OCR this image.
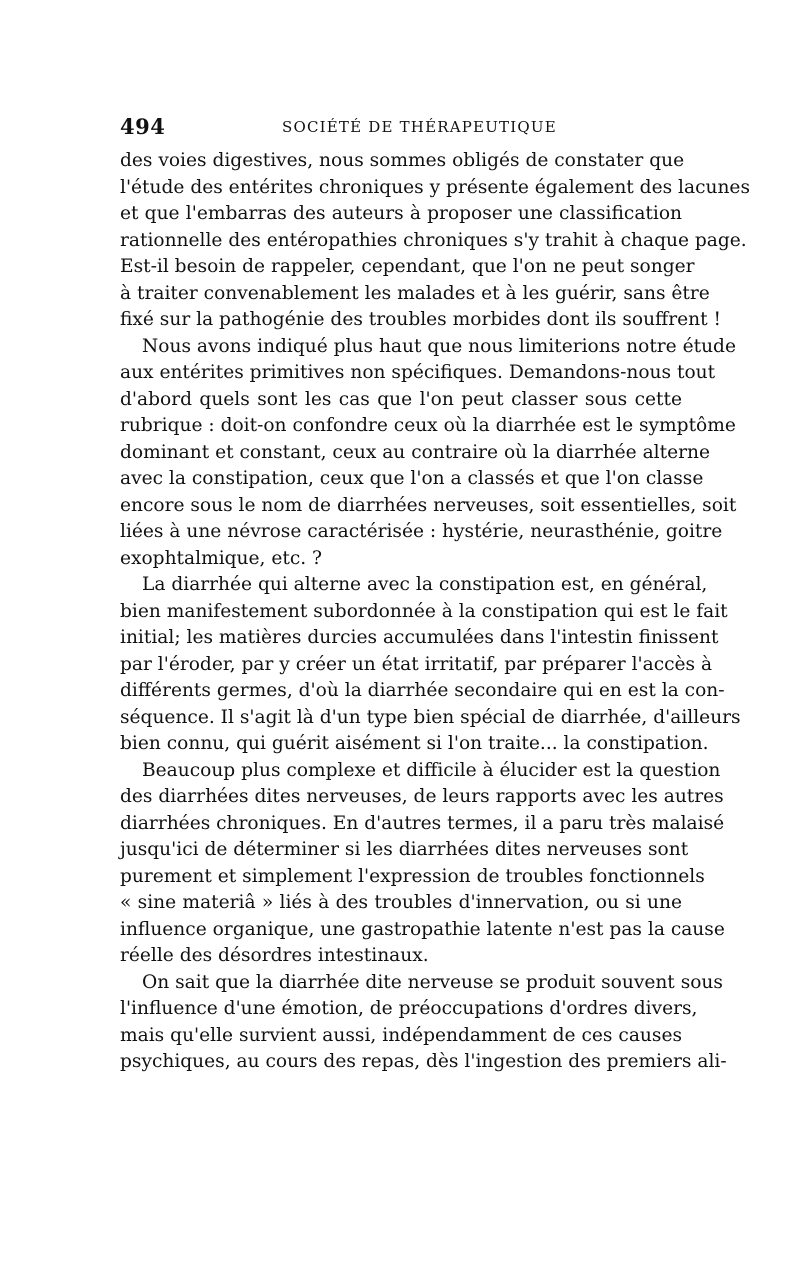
494	SOCIÉTÉ DE THÉRAPEUTIQUE
des voies digestives, nous sommes obligés de constater que
l'étude des entérites chroniques y présente également des lacunes
et que l'embarras des auteurs à proposer une classification
rationnelle des entéropathies chroniques s'y trahit à chaque page.
Est-il besoin de rappeler, cependant, que l'on ne peut songer
à traiter convenablement les malades et à les guérir, sans être
fixé sur la pathogénie des troubles morbides dont ils souffrent !
Nous avons indiqué plus haut que nous limiterions notre étude
aux entérites primitives non spécifiques. Demandons-nous tout
d'abord quels sont les cas que l'on peut classer sous cette
rubrique : doit-on confondre ceux où la diarrhée est le symptôme
dominant et constant, ceux au contraire où la diarrhée alterne
avec la constipation, ceux que l'on a classés et que l'on classe
encore sous le nom de diarrhées nerveuses, soit essentielles, soit
liées à une névrose caractérisée : hystérie, neurasthénie, goitre
exophtalmique, etc. ?
La diarrhée qui alterne avec la constipation est, en général,
bien manifestement subordonnée à la constipation qui est le fait
initial; les matières durcies accumulées dans l'intestin finissent
par l'éroder, par y créer un état irritatif, par préparer l'accès à
différents germes, d'où la diarrhée secondaire qui en est la con-
séquence. Il s'agit là d'un type bien spécial de diarrhée, d'ailleurs
bien connu, qui guérit aisément si l'on traite... la constipation.
Beaucoup plus complexe et difficile à élucider est la question
des diarrhées dites nerveuses, de leurs rapports avec les autres
diarrhées chroniques. En d'autres termes, il a paru très malaisé
jusqu'ici de déterminer si les diarrhées dites nerveuses sont
purement et simplement l'expression de troubles fonctionnels
« sine materiâ » liés à des troubles d'innervation, ou si une
influence organique, une gastropathie latente n'est pas la cause
réelle des désordres intestinaux.
On sait que la diarrhée dite nerveuse se produit souvent sous
l'influence d'une émotion, de préoccupations d'ordres divers,
mais qu'elle survient aussi, indépendamment de ces causes
psychiques, au cours des repas, dès l'ingestion des premiers ali-
